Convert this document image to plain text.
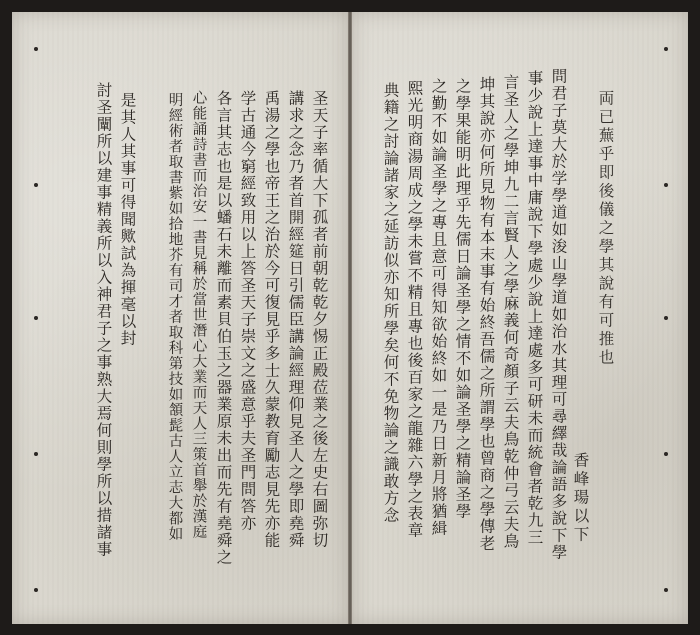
両已蕪乎即後儀之學其說有可推也
香峰瑒以下
問君子莫大於学學道如浚山學道如治水其理可尋繹哉論語多說下學
事少說上達事中庸說下學處少說上達處多可研未而統會者乾九三
言圣人之學坤九二言賢人之學麻義何奇顏子云夫鳥乾仲弓云夫鳥
坤其說亦何所見物有本末事有始終吾儒之所謂學也曾商之學傳老
之學果能明此理乎先儒日論圣學之情不如論圣學之精論圣學
之勤不如論圣學之專且意可得知欲始終如一是乃日新月將猶緝
熙光明商湯周成之學未嘗不精且專也後百家之龍雜六學之表章
典籍之討論諸家之延訪似亦知所學矣何不免物論之識敢方念
圣天子率循大下孤者前朝乾乾夕惕正殿莅業之後左史右圖弥切
講求之念乃者首開經筵日引儒臣講論經理仰見圣人之學即堯舜
禹湯之學也帝王之治於今可復見乎多士久蒙教育勵志見先亦能
学古通今窮經致用以上答圣天子崇文之盛意乎夫圣門問答亦
各言其志也是以蟠石未離而素貝伯玉之器業原未出而先有堯舜之
心能誦詩書而治安一書見稱於當世潛心大業而天人三策首舉於漢庭
明經術者取書紫如拾地芥有司才者取科第技如頷髭古人立志大都如
是其人其事可得聞歟試為揮毫以封
討圣闡所以建事精義所以入神君子之事熟大焉何則學所以措諸事
